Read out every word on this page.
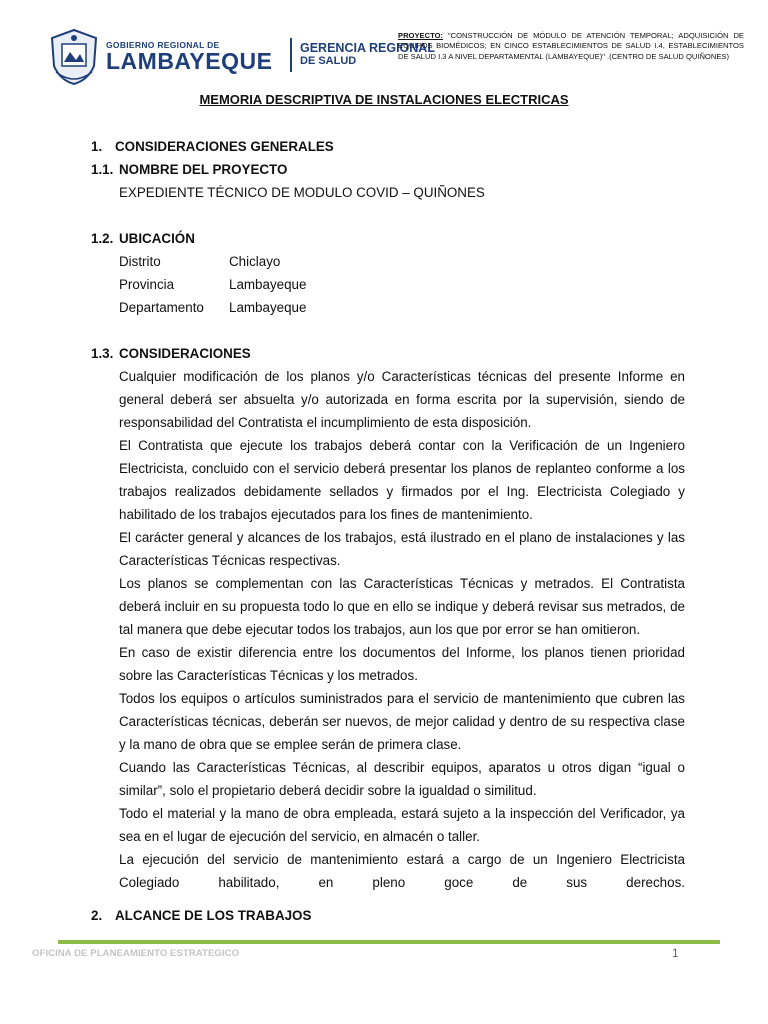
GOBIERNO REGIONAL DE
LAMBAYEQUE	GERENCIA REGIONAL
DE SALUD
PROYECTO: "CONSTRUCCIÓN DE MÓDULO DE ATENCIÓN TEMPORAL; ADQUISICIÓN DE EQUIPOS BIOMÉDICOS; EN CINCO ESTABLECIMIENTOS DE SALUD I.4, ESTABLECIMIENTOS DE SALUD I.3 A NIVEL DEPARTAMENTAL (LAMBAYEQUE)" .(CENTRO DE SALUD QUIÑONES)
MEMORIA DESCRIPTIVA DE INSTALACIONES ELECTRICAS
1. CONSIDERACIONES GENERALES
1.1. NOMBRE DEL PROYECTO
EXPEDIENTE TÉCNICO DE MODULO COVID – QUIÑONES
1.2. UBICACIÓN
Distrito	Chiclayo
Provincia	Lambayeque
Departamento	Lambayeque
1.3. CONSIDERACIONES
Cualquier modificación de los planos y/o Características técnicas del presente Informe en general deberá ser absuelta y/o autorizada en forma escrita por la supervisión, siendo de responsabilidad del Contratista el incumplimiento de esta disposición.
El Contratista que ejecute los trabajos deberá contar con la Verificación de un Ingeniero Electricista, concluido con el servicio deberá presentar los planos de replanteo conforme a los trabajos realizados debidamente sellados y firmados por el Ing. Electricista Colegiado y habilitado de los trabajos ejecutados para los fines de mantenimiento.
El carácter general y alcances de los trabajos, está ilustrado en el plano de instalaciones y las Características Técnicas respectivas.
Los planos se complementan con las Características Técnicas y metrados. El Contratista deberá incluir en su propuesta todo lo que en ello se indique y deberá revisar sus metrados, de tal manera que debe ejecutar todos los trabajos, aun los que por error se han omitieron.
En caso de existir diferencia entre los documentos del Informe, los planos tienen prioridad sobre las Características Técnicas y los metrados.
Todos los equipos o artículos suministrados para el servicio de mantenimiento que cubren las Características técnicas, deberán ser nuevos, de mejor calidad y dentro de su respectiva clase y la mano de obra que se emplee serán de primera clase.
Cuando las Características Técnicas, al describir equipos, aparatos u otros digan “igual o similar”, solo el propietario deberá decidir sobre la igualdad o similitud.
Todo el material y la mano de obra empleada, estará sujeto a la inspección del Verificador, ya sea en el lugar de ejecución del servicio, en almacén o taller.
La ejecución del servicio de mantenimiento estará a cargo de un Ingeniero Electricista Colegiado habilitado, en pleno goce de sus derechos.
2. ALCANCE DE LOS TRABAJOS
OFICINA DE PLANEAMIENTO ESTRATEGICO	1
